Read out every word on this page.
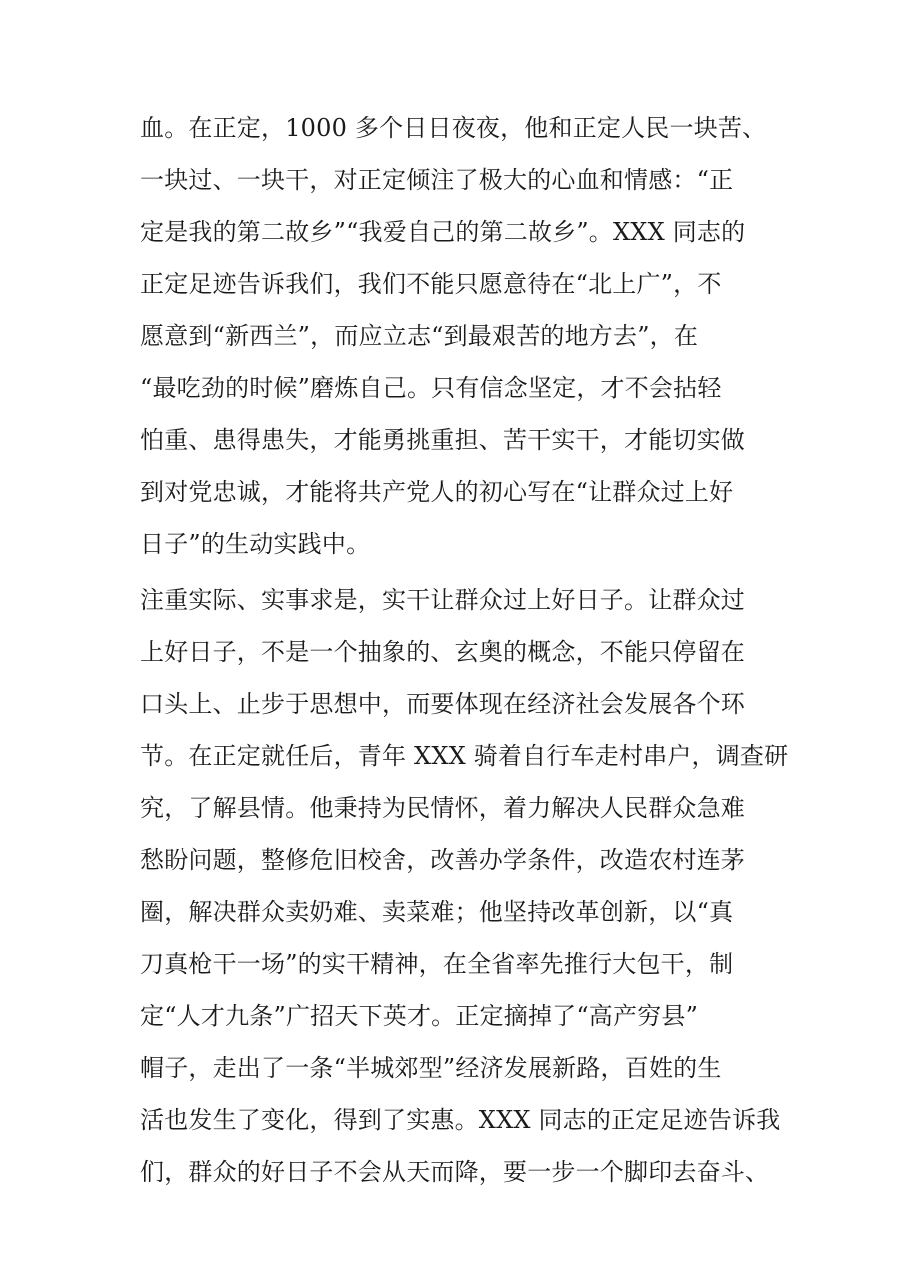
血。在正定，1000 多个日日夜夜，他和正定人民一块苦、
一块过、一块干，对正定倾注了极大的心血和情感：“正
定是我的第二故乡”“我爱自己的第二故乡”。XXX 同志的
正定足迹告诉我们，我们不能只愿意待在“北上广”，不
愿意到“新西兰”，而应立志“到最艰苦的地方去”，在
“最吃劲的时候”磨炼自己。只有信念坚定，才不会拈轻
怕重、患得患失，才能勇挑重担、苦干实干，才能切实做
到对党忠诚，才能将共产党人的初心写在“让群众过上好
日子”的生动实践中。
注重实际、实事求是，实干让群众过上好日子。让群众过
上好日子，不是一个抽象的、玄奥的概念，不能只停留在
口头上、止步于思想中，而要体现在经济社会发展各个环
节。在正定就任后，青年 XXX 骑着自行车走村串户，调查研
究，了解县情。他秉持为民情怀，着力解决人民群众急难
愁盼问题，整修危旧校舍，改善办学条件，改造农村连茅
圈，解决群众卖奶难、卖菜难；他坚持改革创新，以“真
刀真枪干一场”的实干精神，在全省率先推行大包干，制
定“人才九条”广招天下英才。正定摘掉了“高产穷县”
帽子，走出了一条“半城郊型”经济发展新路，百姓的生
活也发生了变化，得到了实惠。XXX 同志的正定足迹告诉我
们，群众的好日子不会从天而降，要一步一个脚印去奋斗、
